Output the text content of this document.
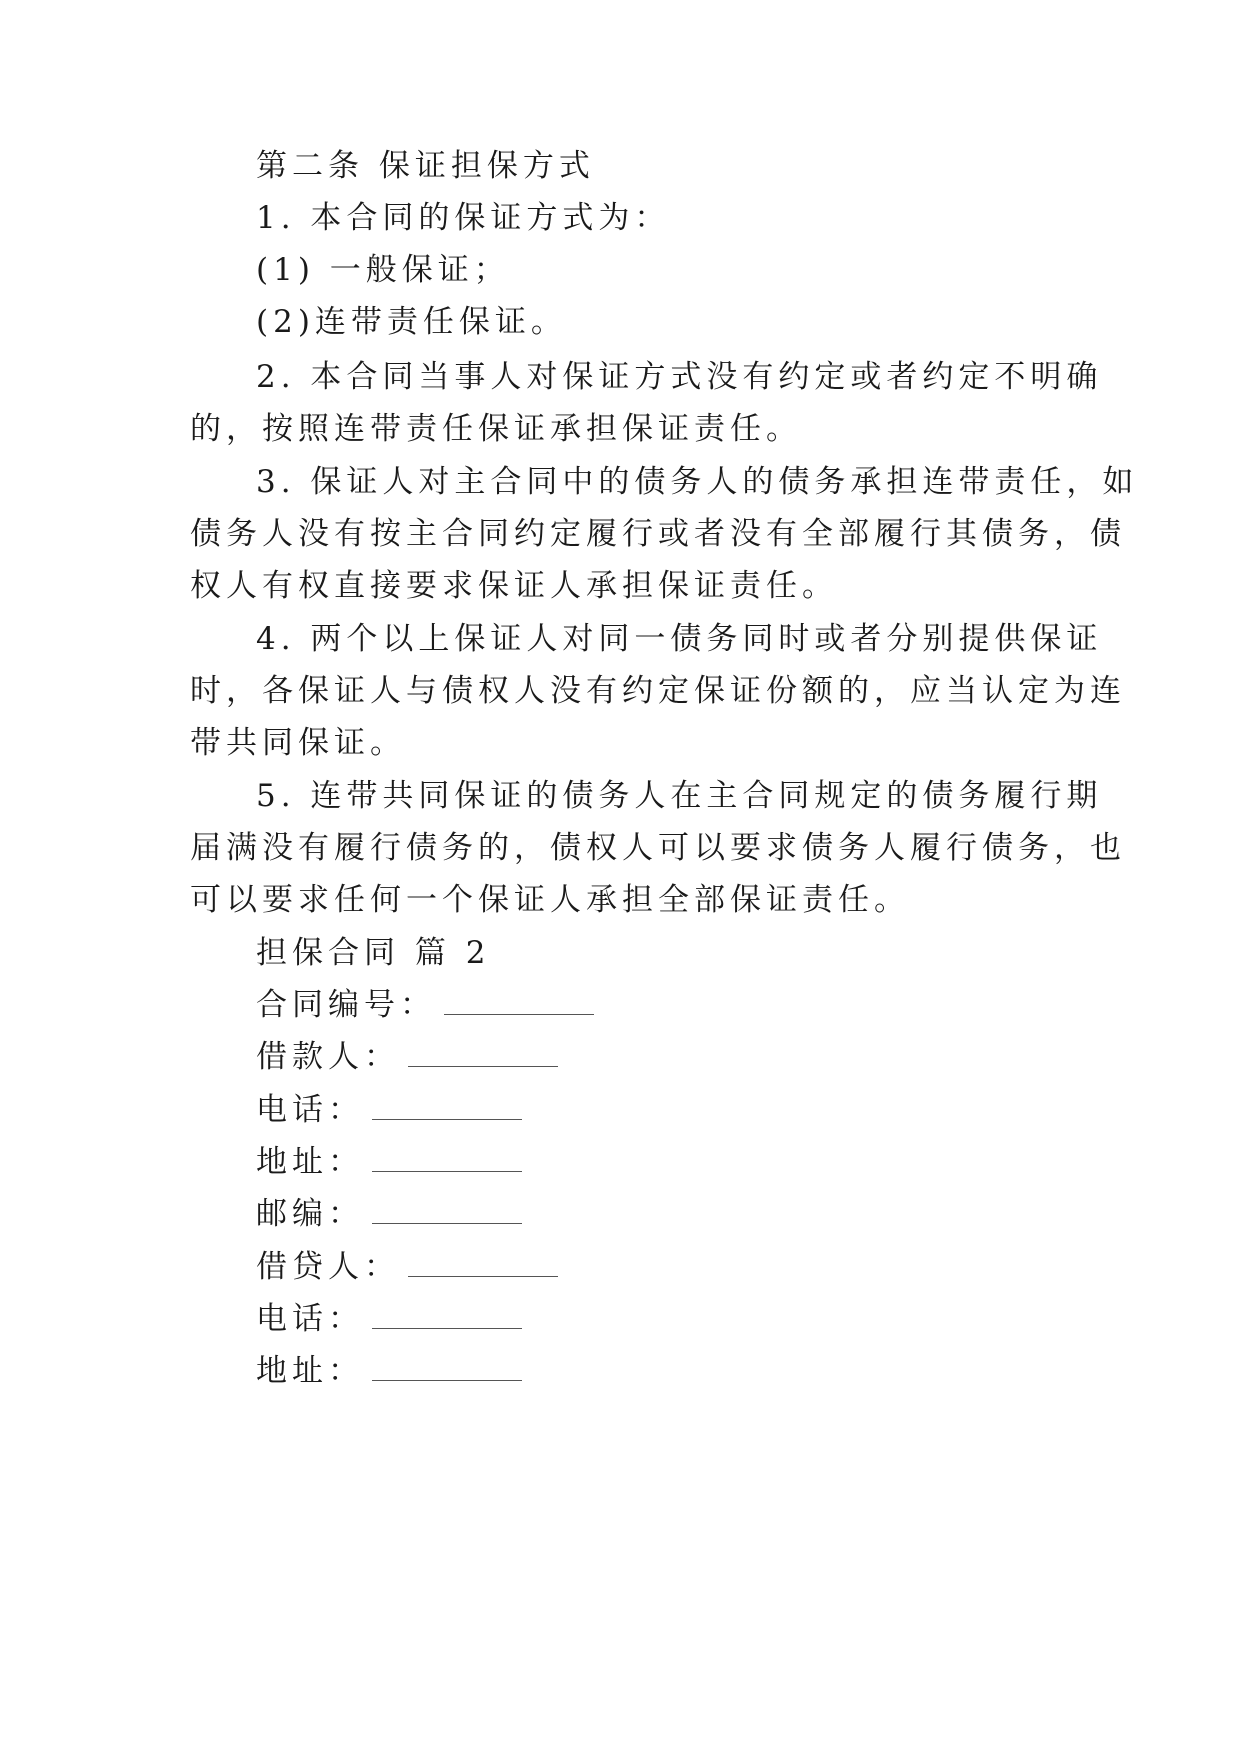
第二条 保证担保方式
1. 本合同的保证方式为：
(1) 一般保证；
(2)连带责任保证。
2. 本合同当事人对保证方式没有约定或者约定不明确
的，按照连带责任保证承担保证责任。
3. 保证人对主合同中的债务人的债务承担连带责任，如
债务人没有按主合同约定履行或者没有全部履行其债务，债
权人有权直接要求保证人承担保证责任。
4. 两个以上保证人对同一债务同时或者分别提供保证
时，各保证人与债权人没有约定保证份额的，应当认定为连
带共同保证。
5. 连带共同保证的债务人在主合同规定的债务履行期
届满没有履行债务的，债权人可以要求债务人履行债务，也
可以要求任何一个保证人承担全部保证责任。
担保合同 篇 2
合同编号：
借款人：
电话：
地址：
邮编：
借贷人：
电话：
地址：
